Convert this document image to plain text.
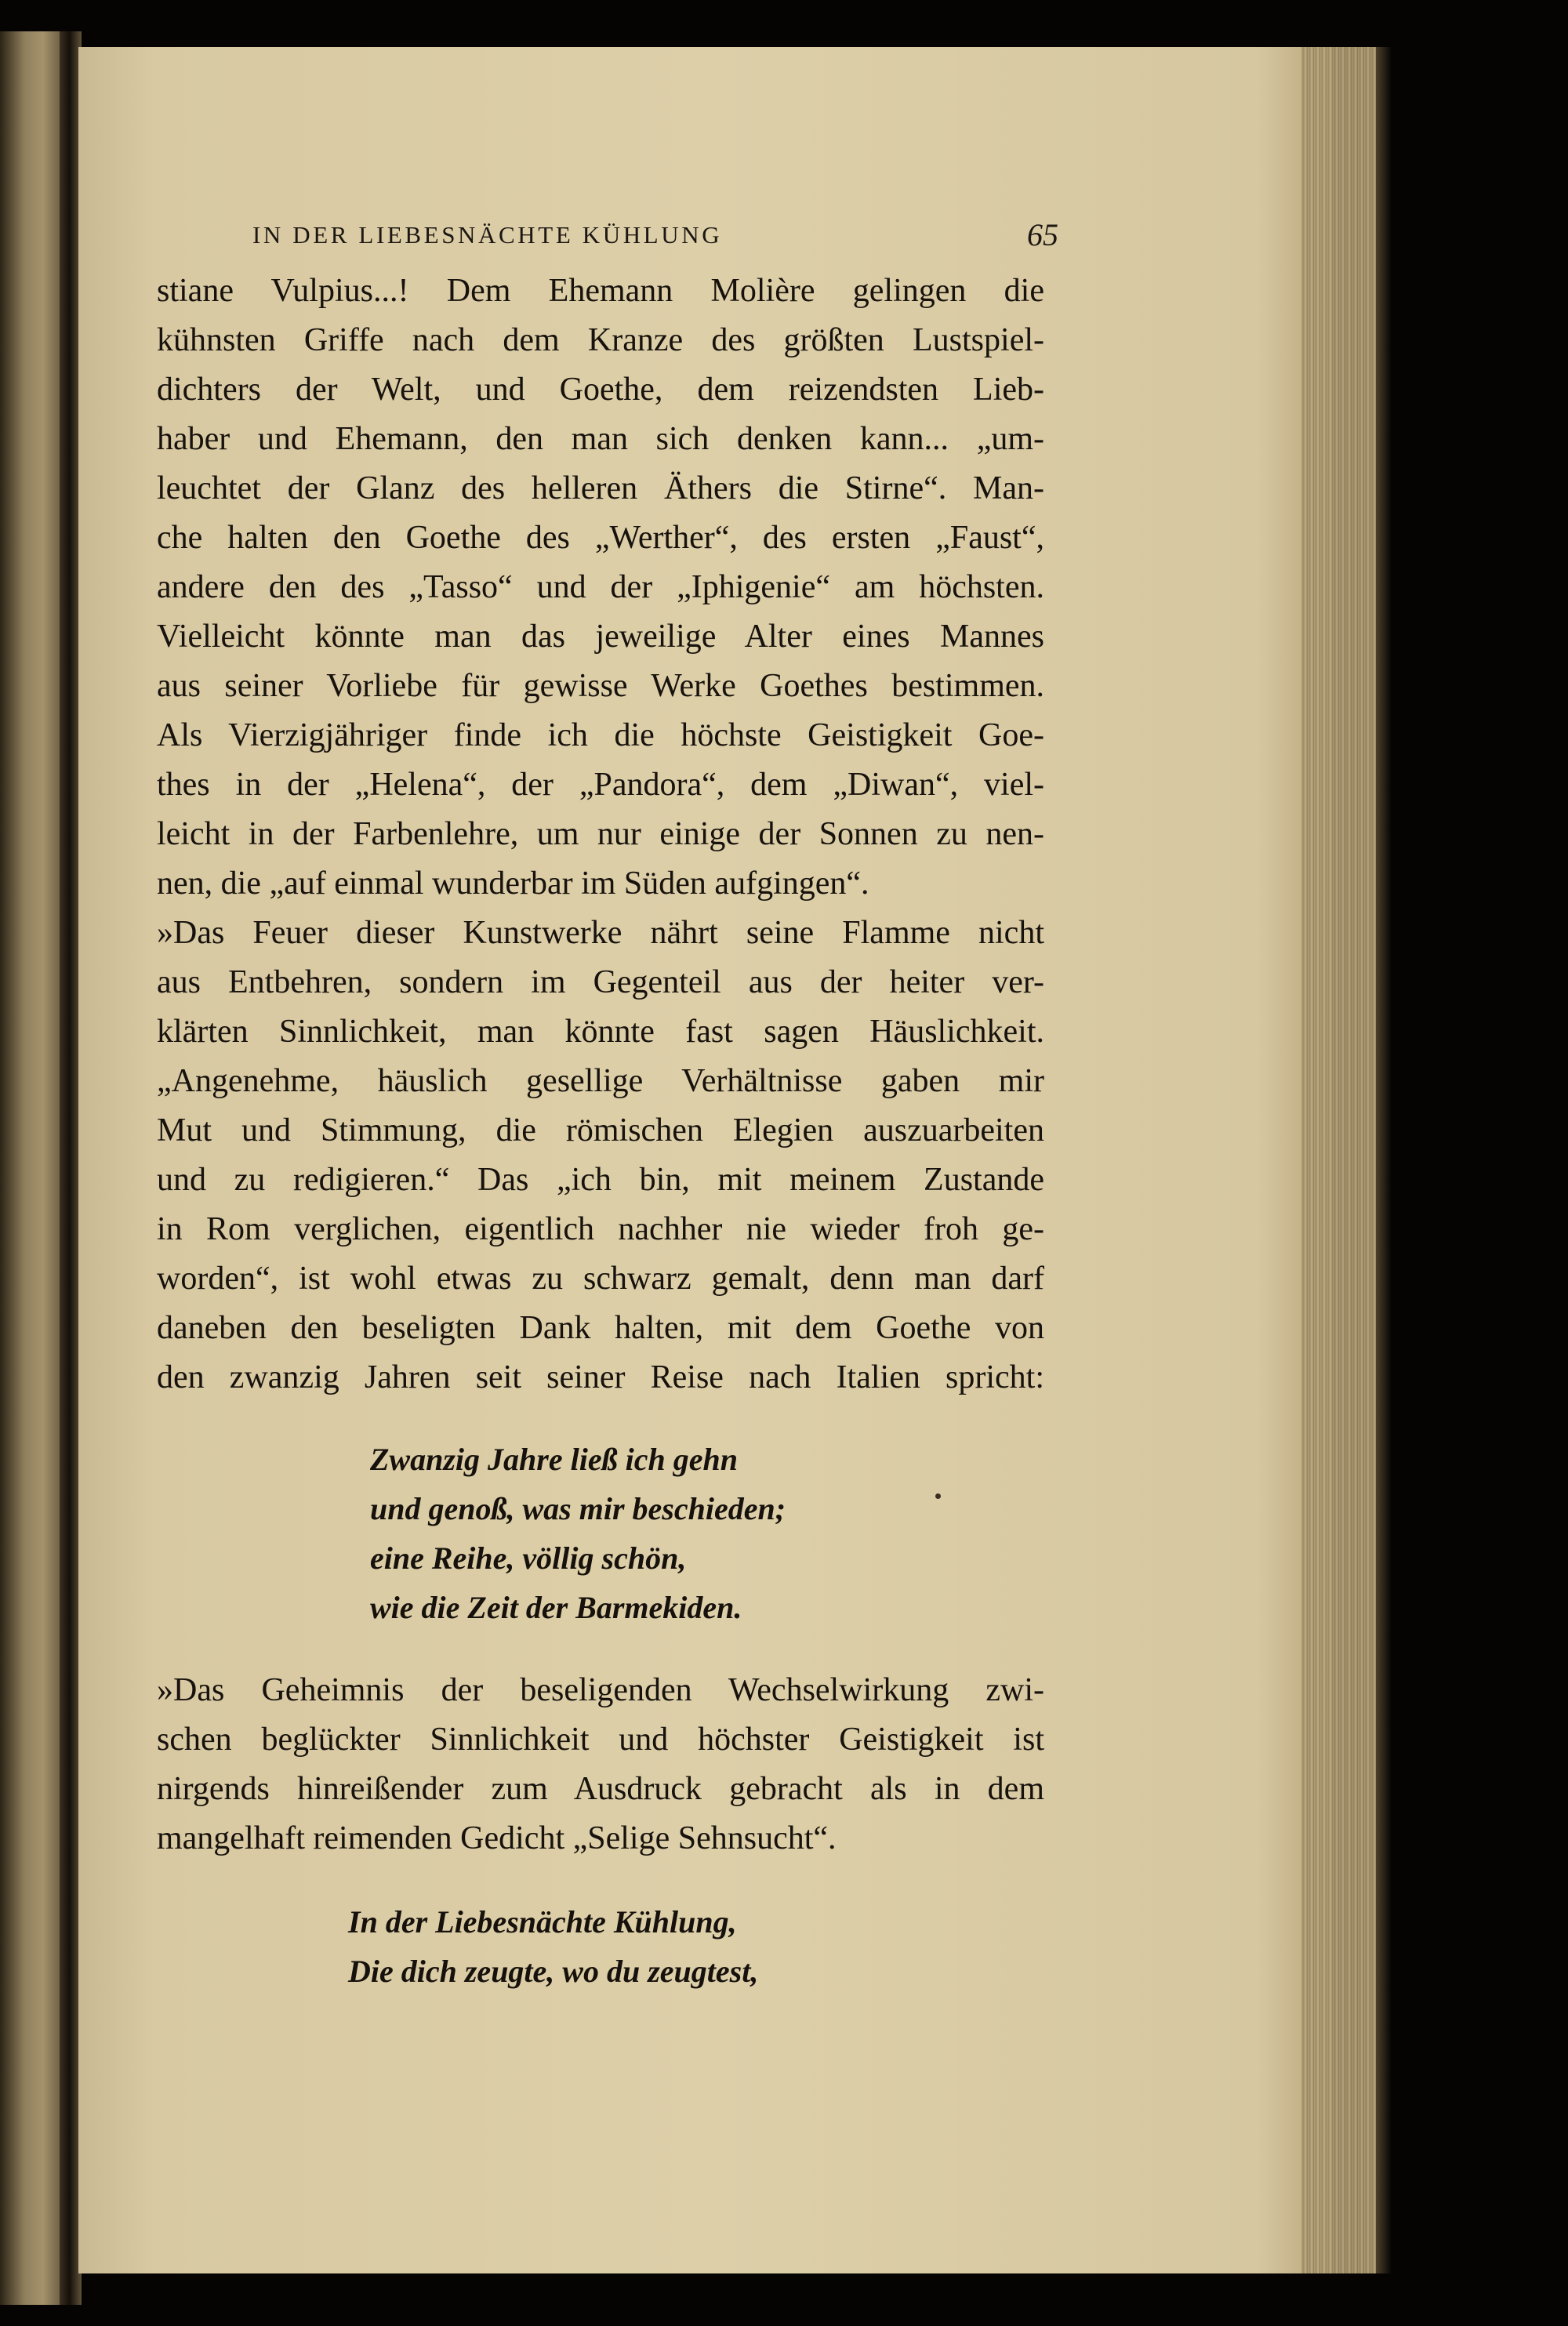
IN DER LIEBESNÄCHTE KÜHLUNG	65
stiane Vulpius...! Dem Ehemann Molière gelingen die
kühnsten Griffe nach dem Kranze des größten Lustspiel-
dichters der Welt, und Goethe, dem reizendsten Lieb-
haber und Ehemann, den man sich denken kann... „um-
leuchtet der Glanz des helleren Äthers die Stirne“. Man-
che halten den Goethe des „Werther“, des ersten „Faust“,
andere den des „Tasso“ und der „Iphigenie“ am höchsten.
Vielleicht könnte man das jeweilige Alter eines Mannes
aus seiner Vorliebe für gewisse Werke Goethes bestimmen.
Als Vierzigjähriger finde ich die höchste Geistigkeit Goe-
thes in der „Helena“, der „Pandora“, dem „Diwan“, viel-
leicht in der Farbenlehre, um nur einige der Sonnen zu nen-
nen, die „auf einmal wunderbar im Süden aufgingen“.
»Das Feuer dieser Kunstwerke nährt seine Flamme nicht
aus Entbehren, sondern im Gegenteil aus der heiter ver-
klärten Sinnlichkeit, man könnte fast sagen Häuslichkeit.
„Angenehme, häuslich gesellige Verhältnisse gaben mir
Mut und Stimmung, die römischen Elegien auszuarbeiten
und zu redigieren.“ Das „ich bin, mit meinem Zustande
in Rom verglichen, eigentlich nachher nie wieder froh ge-
worden“, ist wohl etwas zu schwarz gemalt, denn man darf
daneben den beseligten Dank halten, mit dem Goethe von
den zwanzig Jahren seit seiner Reise nach Italien spricht:
Zwanzig Jahre ließ ich gehn
und genoß, was mir beschieden;
eine Reihe, völlig schön,
wie die Zeit der Barmekiden.
»Das Geheimnis der beseligenden Wechselwirkung zwi-
schen beglückter Sinnlichkeit und höchster Geistigkeit ist
nirgends hinreißender zum Ausdruck gebracht als in dem
mangelhaft reimenden Gedicht „Selige Sehnsucht“.
In der Liebesnächte Kühlung,
Die dich zeugte, wo du zeugtest,
